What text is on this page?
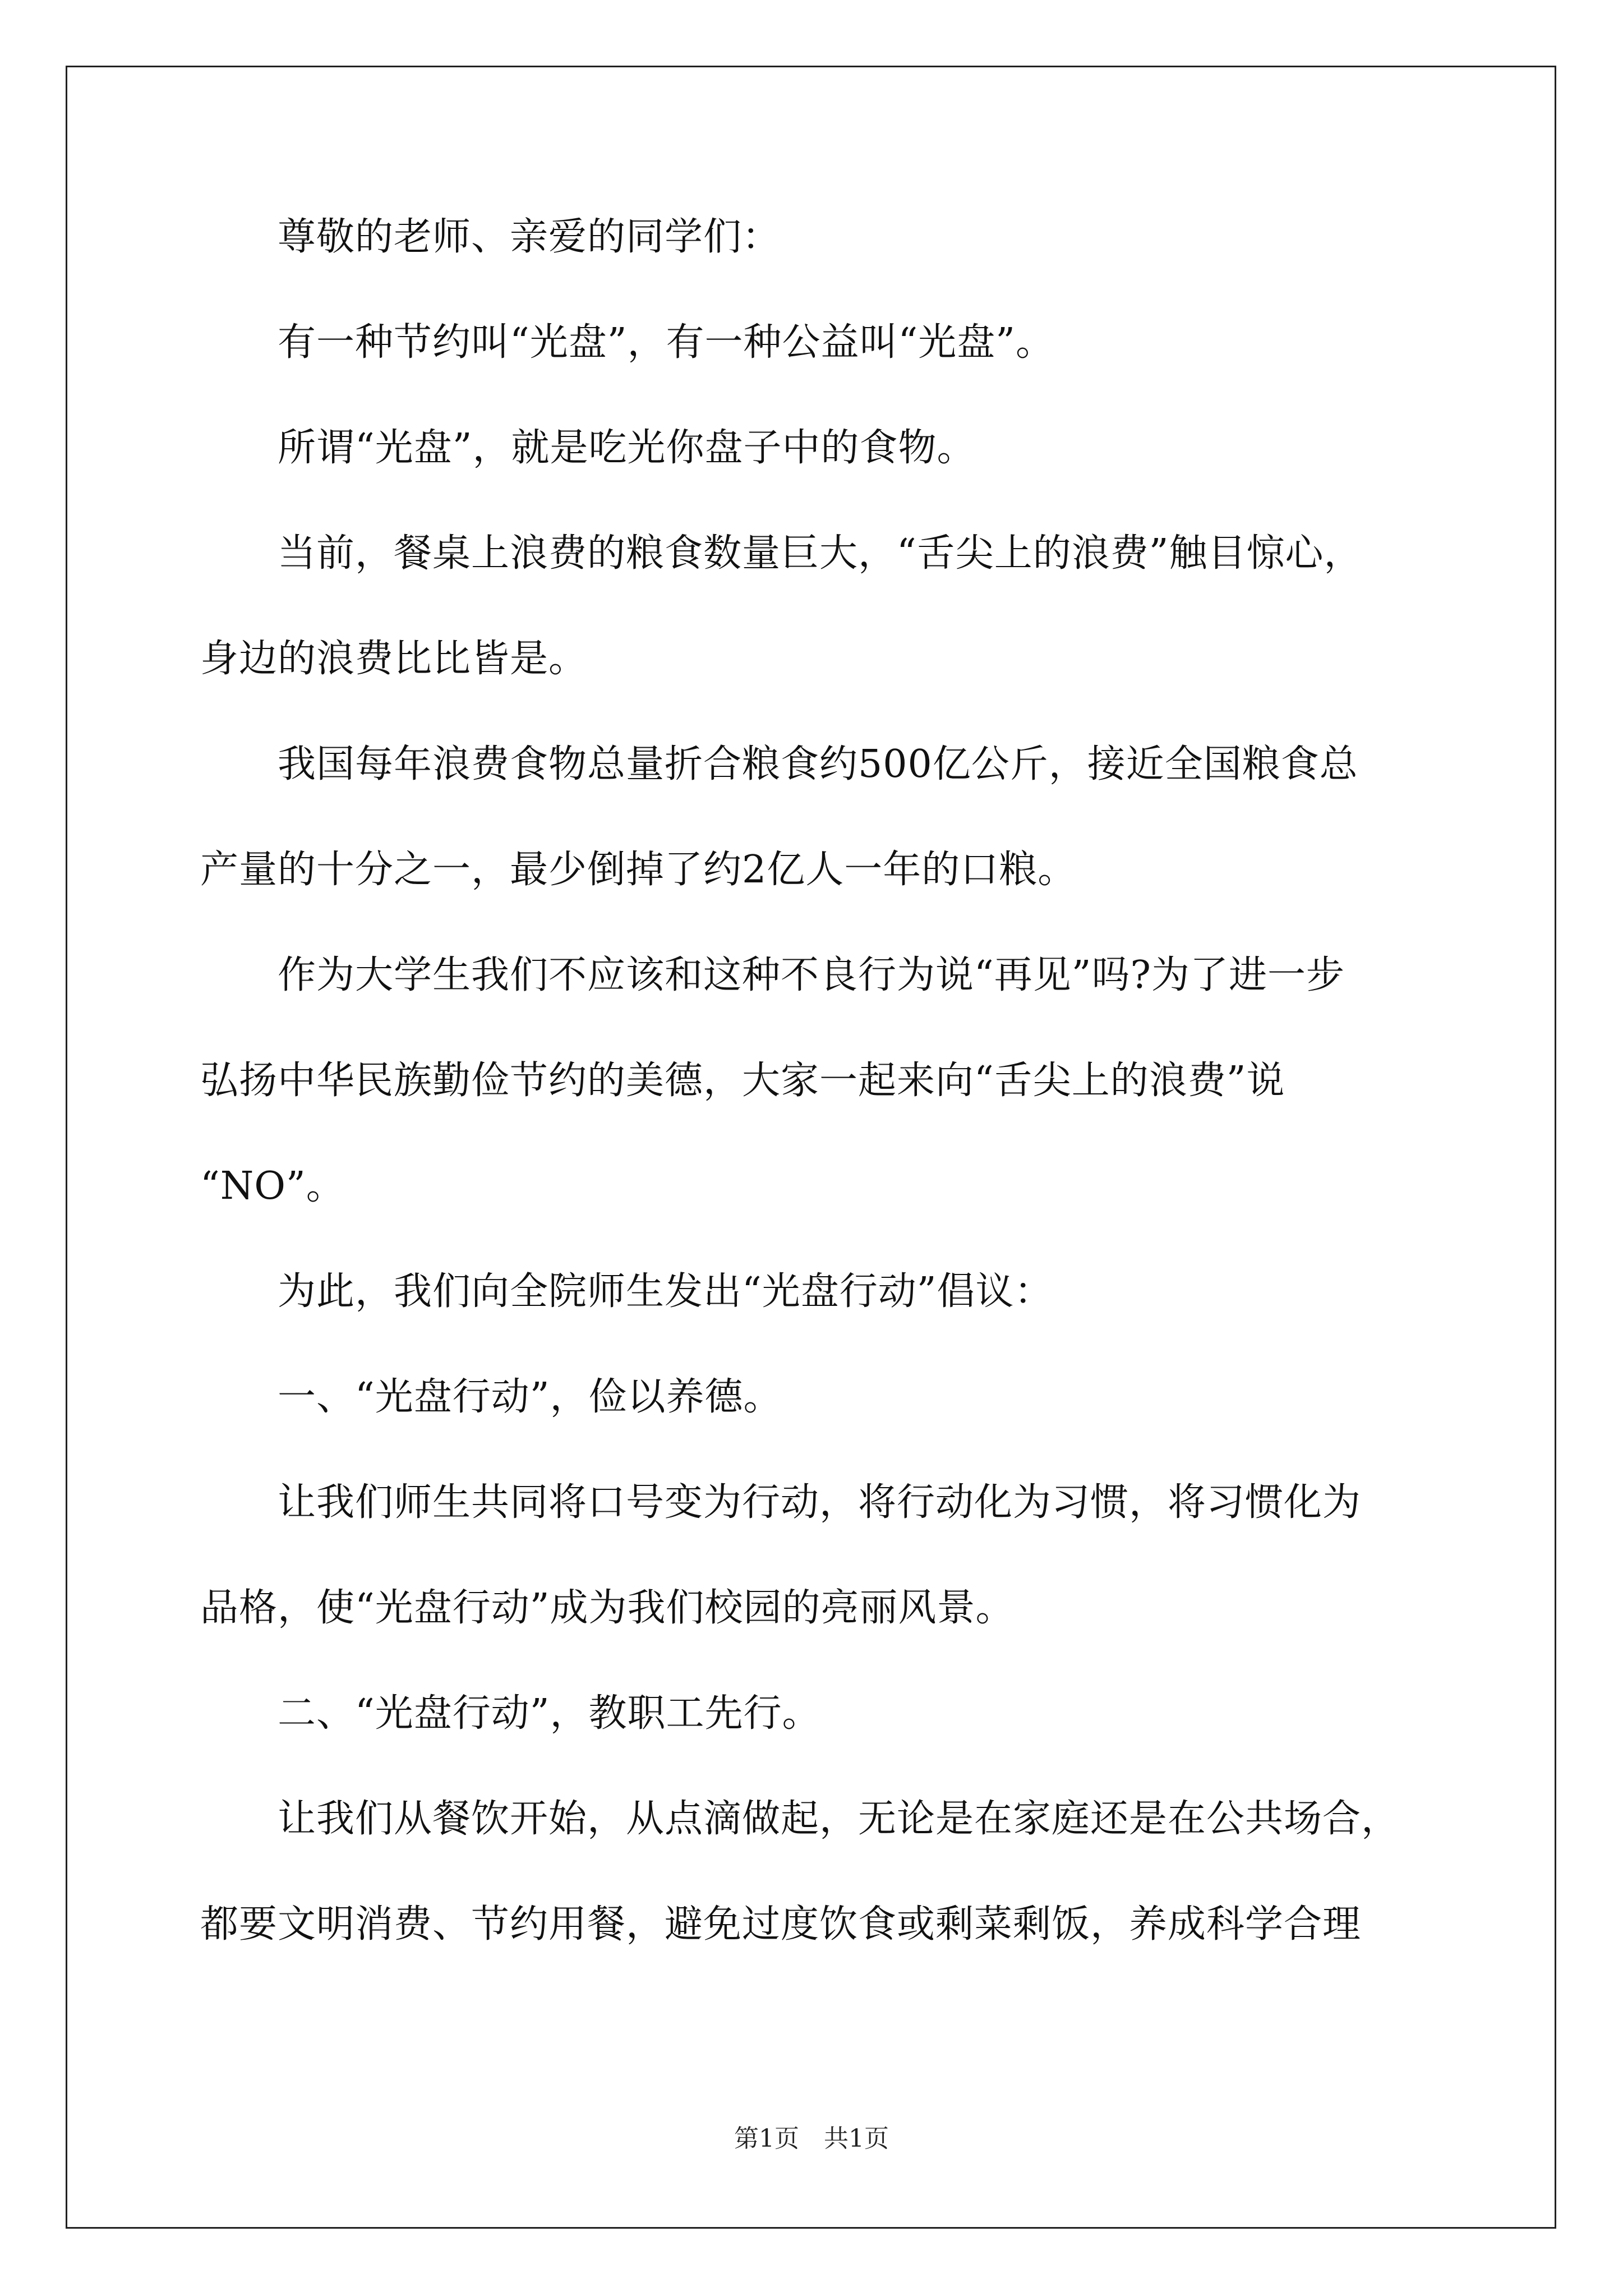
　　尊敬的老师、亲爱的同学们：

　　有一种节约叫“光盘”，有一种公益叫“光盘”。

　　所谓“光盘”，就是吃光你盘子中的食物。

　　当前，餐桌上浪费的粮食数量巨大，“舌尖上的浪费”触目惊心，

身边的浪费比比皆是。

　　我国每年浪费食物总量折合粮食约500亿公斤，接近全国粮食总

产量的十分之一，最少倒掉了约2亿人一年的口粮。

　　作为大学生我们不应该和这种不良行为说“再见”吗?为了进一步

弘扬中华民族勤俭节约的美德，大家一起来向“舌尖上的浪费”说

“NO”。

　　为此，我们向全院师生发出“光盘行动”倡议：

　　一、“光盘行动”，俭以养德。

　　让我们师生共同将口号变为行动，将行动化为习惯，将习惯化为

品格，使“光盘行动”成为我们校园的亮丽风景。

　　二、“光盘行动”，教职工先行。

　　让我们从餐饮开始，从点滴做起，无论是在家庭还是在公共场合，

都要文明消费、节约用餐，避免过度饮食或剩菜剩饭，养成科学合理

第1页　共1页
